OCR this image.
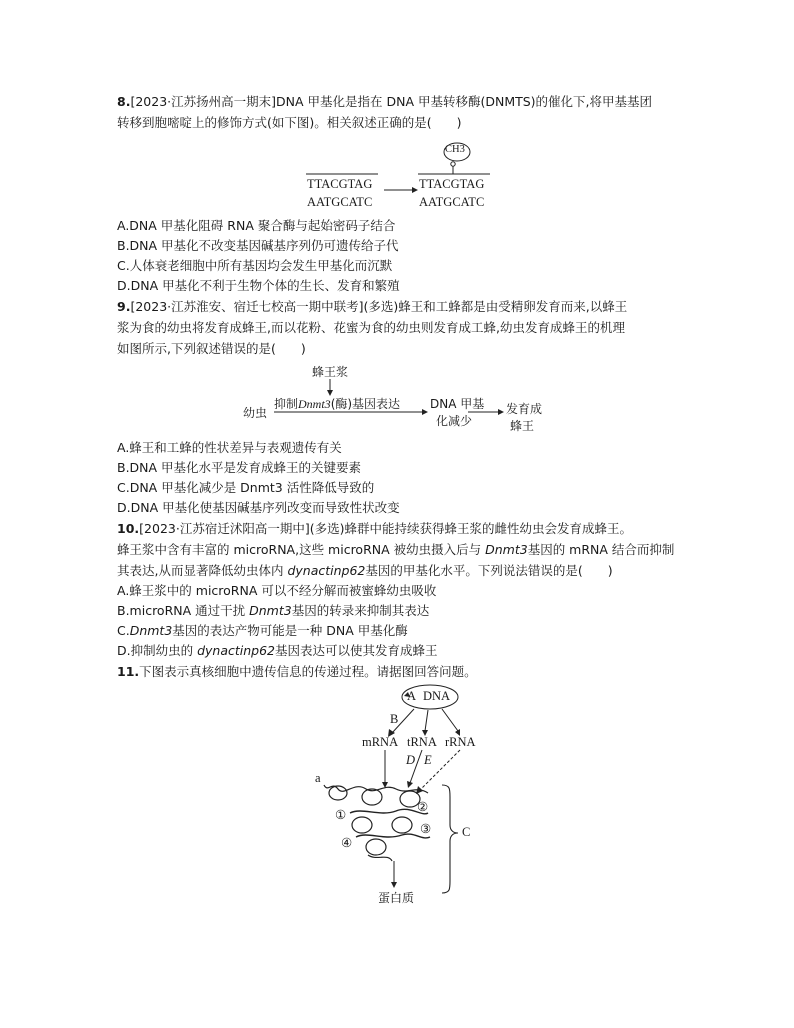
8.[2023·江苏扬州高一期末]DNA 甲基化是指在 DNA 甲基转移酶(DNMTS)的催化下,将甲基基团
转移到胞嘧啶上的修饰方式(如下图)。相关叙述正确的是(　　)
CH3
TTACGTAG
AATGCATC
TTACGTAG
AATGCATC
A.DNA 甲基化阻碍 RNA 聚合酶与起始密码子结合
B.DNA 甲基化不改变基因碱基序列仍可遗传给子代
C.人体衰老细胞中所有基因均会发生甲基化而沉默
D.DNA 甲基化不利于生物个体的生长、发育和繁殖
9.[2023·江苏淮安、宿迁七校高一期中联考](多选)蜂王和工蜂都是由受精卵发育而来,以蜂王
浆为食的幼虫将发育成蜂王,而以花粉、花蜜为食的幼虫则发育成工蜂,幼虫发育成蜂王的机理
如图所示,下列叙述错误的是(　　)
蜂王浆
抑制Dnmt3(酶)基因表达
幼虫
DNA 甲基
化减少
发育成
蜂王
A.蜂王和工蜂的性状差异与表观遗传有关
B.DNA 甲基化水平是发育成蜂王的关键要素
C.DNA 甲基化减少是 Dnmt3 活性降低导致的
D.DNA 甲基化使基因碱基序列改变而导致性状改变
10.[2023·江苏宿迁沭阳高一期中](多选)蜂群中能持续获得蜂王浆的雌性幼虫会发育成蜂王。
蜂王浆中含有丰富的 microRNA,这些 microRNA 被幼虫摄入后与 Dnmt3基因的 mRNA 结合而抑制
其表达,从而显著降低幼虫体内 dynactinp62基因的甲基化水平。下列说法错误的是(　　)
A.蜂王浆中的 microRNA 可以不经分解而被蜜蜂幼虫吸收
B.microRNA 通过干扰 Dnmt3基因的转录来抑制其表达
C.Dnmt3基因的表达产物可能是一种 DNA 甲基化酶
D.抑制幼虫的 dynactinp62基因表达可以使其发育成蜂王
11.下图表示真核细胞中遗传信息的传递过程。请据图回答问题。
A DNA
B
mRNA tRNA rRNA
D E
a
①
②
③
④
C
蛋白质
